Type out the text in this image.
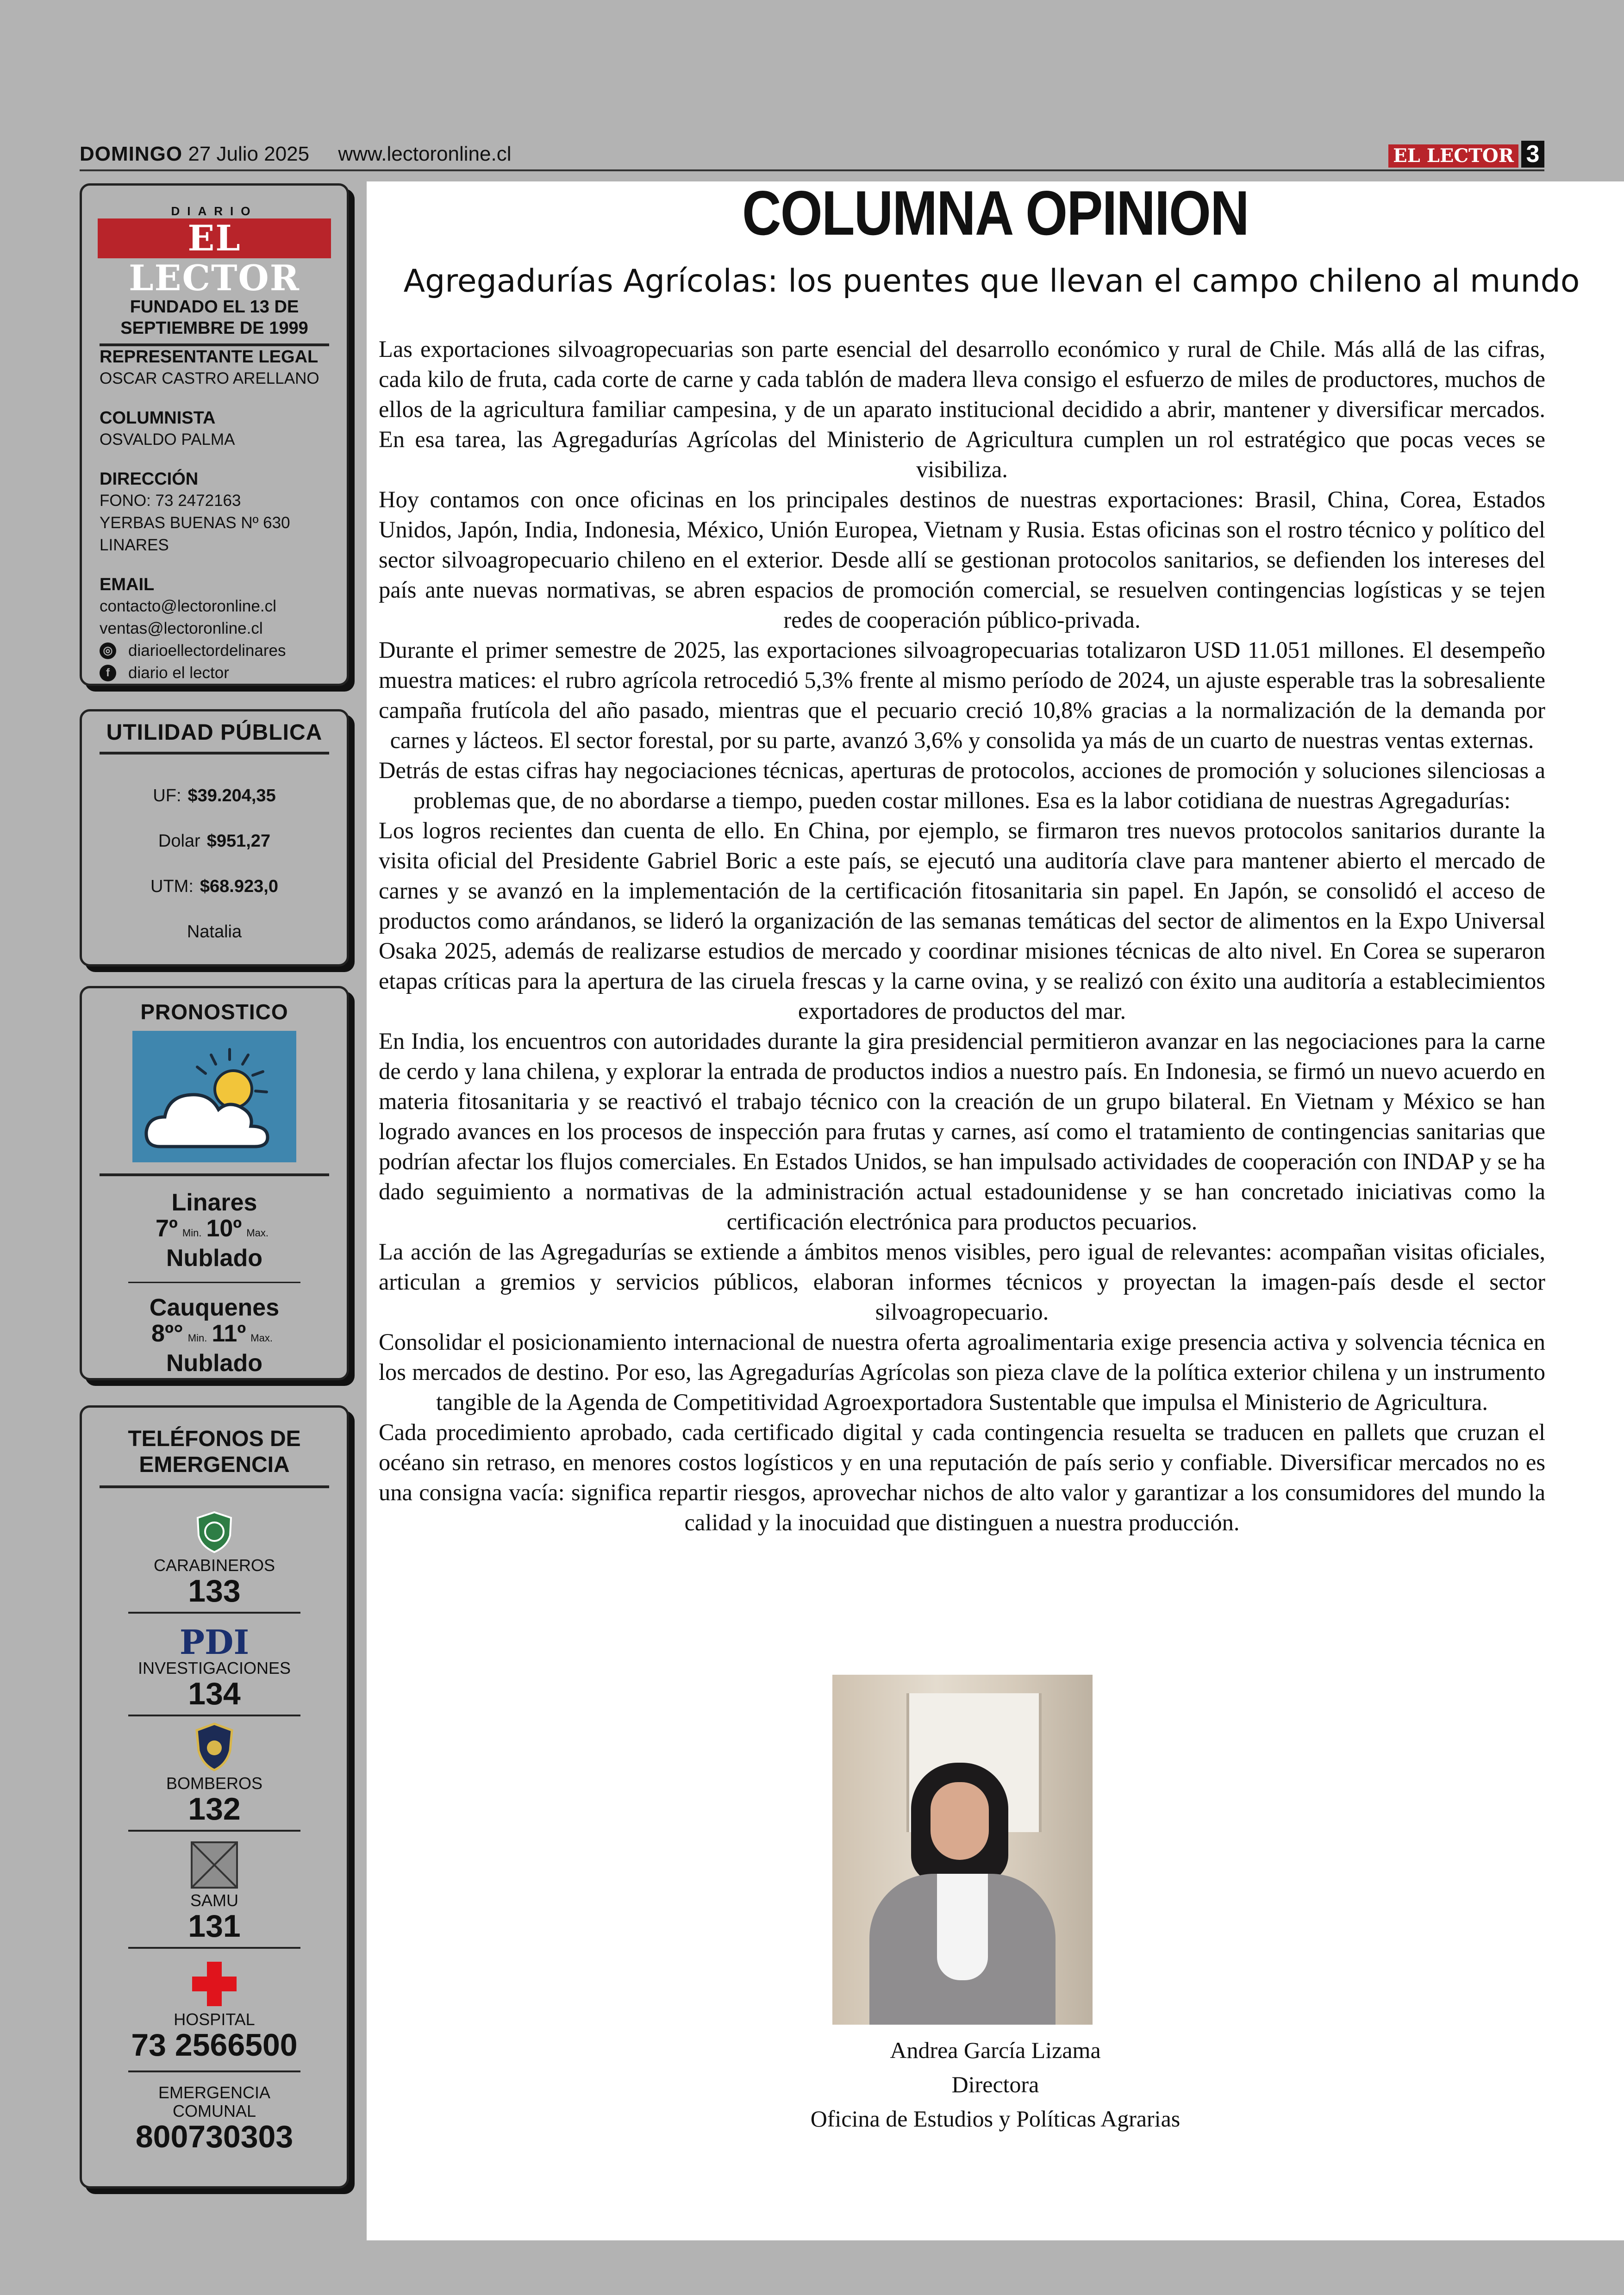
DOMINGO 27 Julio 2025 www.lectoronline.cl	EL LECTOR 3
DIARIO
EL LECTOR
FUNDADO EL 13 DE
SEPTIEMBRE DE 1999
REPRESENTANTE LEGAL

OSCAR CASTRO ARELLANO

COLUMNISTA

OSVALDO PALMA

DIRECCIÓN

FONO: 73 2472163

YERBAS BUENAS Nº 630

LINARES

EMAIL

contacto@lectoronline.cl

ventas@lectoronline.cl

◎ diarioellectordelinares
f	diario el lector
UTILIDAD PÚBLICA
UF: $39.204,35
Dolar $951,27
UTM: $68.923,0
Natalia
PRONOSTICO
Linares
7º Min. 10º Max.
Nublado
Cauquenes
8º° Min. 11º Max.
Nublado
TELÉFONOS DE
EMERGENCIA
CARABINEROS
133
PDI
INVESTIGACIONES
134
BOMBEROS
132
SAMU
131
HOSPITAL
73 2566500
EMERGENCIA COMUNAL
800730303
COLUMNA OPINION
Agregadurías Agrícolas: los puentes que llevan el campo chileno al mundo

Las exportaciones silvoagropecuarias son parte esencial del desarrollo económico y rural de Chile. Más allá de las cifras, cada kilo de fruta, cada corte de carne y cada tablón de madera lleva consigo el esfuerzo de miles de productores, muchos de ellos de la agricultura familiar campesina, y de un aparato institucional decidido a abrir, mantener y diversificar mercados. En esa tarea, las Agregadurías Agrícolas del Ministerio de Agricultura cumplen un rol estratégico que pocas veces se visibiliza.

Hoy contamos con once oficinas en los principales destinos de nuestras exportaciones: Brasil, China, Corea, Estados Unidos, Japón, India, Indonesia, México, Unión Europea, Vietnam y Rusia. Estas oficinas son el rostro técnico y político del sector silvoagropecuario chileno en el exterior. Desde allí se gestionan protocolos sanitarios, se defienden los intereses del país ante nuevas normativas, se abren espacios de promoción comercial, se resuelven contingencias logísticas y se tejen redes de cooperación público-privada.

Durante el primer semestre de 2025, las exportaciones silvoagropecuarias totalizaron USD 11.051 millones. El desempeño muestra matices: el rubro agrícola retrocedió 5,3% frente al mismo período de 2024, un ajuste esperable tras la sobresaliente campaña frutícola del año pasado, mientras que el pecuario creció 10,8% gracias a la normalización de la demanda por carnes y lácteos. El sector forestal, por su parte, avanzó 3,6% y consolida ya más de un cuarto de nuestras ventas externas.

Detrás de estas cifras hay negociaciones técnicas, aperturas de protocolos, acciones de promoción y soluciones silenciosas a problemas que, de no abordarse a tiempo, pueden costar millones. Esa es la labor cotidiana de nuestras Agregadurías:

Los logros recientes dan cuenta de ello. En China, por ejemplo, se firmaron tres nuevos protocolos sanitarios durante la visita oficial del Presidente Gabriel Boric a este país, se ejecutó una auditoría clave para mantener abierto el mercado de carnes y se avanzó en la implementación de la certificación fitosanitaria sin papel. En Japón, se consolidó el acceso de productos como arándanos, se lideró la organización de las semanas temáticas del sector de alimentos en la Expo Universal Osaka 2025, además de realizarse estudios de mercado y coordinar misiones técnicas de alto nivel. En Corea se superaron etapas críticas para la apertura de las ciruela frescas y la carne ovina, y se realizó con éxito una auditoría a establecimientos exportadores de productos del mar.

En India, los encuentros con autoridades durante la gira presidencial permitieron avanzar en las negociaciones para la carne de cerdo y lana chilena, y explorar la entrada de productos indios a nuestro país. En Indonesia, se firmó un nuevo acuerdo en materia fitosanitaria y se reactivó el trabajo técnico con la creación de un grupo bilateral. En Vietnam y México se han logrado avances en los procesos de inspección para frutas y carnes, así como el tratamiento de contingencias sanitarias que podrían afectar los flujos comerciales. En Estados Unidos, se han impulsado actividades de cooperación con INDAP y se ha dado seguimiento a normativas de la administración actual estadounidense y se han concretado iniciativas como la certificación electrónica para productos pecuarios.

La acción de las Agregadurías se extiende a ámbitos menos visibles, pero igual de relevantes: acompañan visitas oficiales, articulan a gremios y servicios públicos, elaboran informes técnicos y proyectan la imagen-país desde el sector silvoagropecuario.

Consolidar el posicionamiento internacional de nuestra oferta agroalimentaria exige presencia activa y solvencia técnica en los mercados de destino. Por eso, las Agregadurías Agrícolas son pieza clave de la política exterior chilena y un instrumento tangible de la Agenda de Competitividad Agroexportadora Sustentable que impulsa el Ministerio de Agricultura.

Cada procedimiento aprobado, cada certificado digital y cada contingencia resuelta se traducen en pallets que cruzan el océano sin retraso, en menores costos logísticos y en una reputación de país serio y confiable. Diversificar mercados no es una consigna vacía: significa repartir riesgos, aprovechar nichos de alto valor y garantizar a los consumidores del mundo la calidad y la inocuidad que distinguen a nuestra producción.

Andrea García Lizama
Directora
Oficina de Estudios y Políticas Agrarias
